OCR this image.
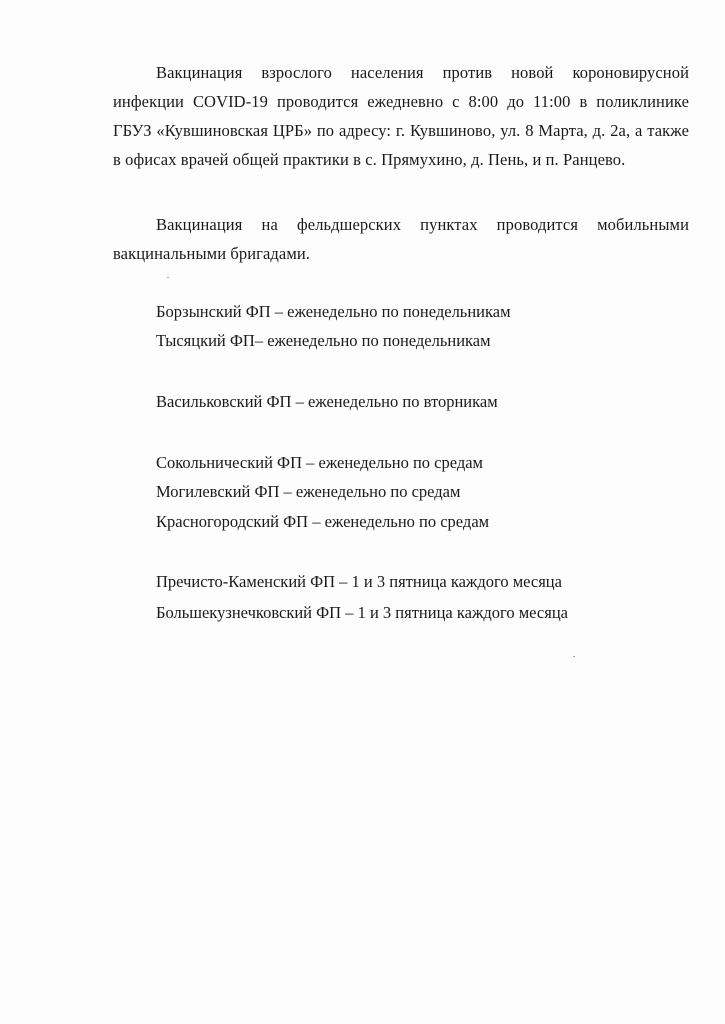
Вакцинация взрослого населения против новой короновирусной инфекции COVID-19 проводится ежедневно с 8:00 до 11:00 в поликлинике ГБУЗ «Кувшиновская ЦРБ» по адресу: г. Кувшиново, ул. 8 Марта, д. 2а, а также в офисах врачей общей практики в с. Прямухино, д. Пень, и п. Ранцево.

Вакцинация на фельдшерских пунктах проводится мобильными вакцинальными бригадами.

Борзынский ФП – еженедельно по понедельникам

Тысяцкий ФП– еженедельно по понедельникам

Васильковский ФП – еженедельно по вторникам

Сокольнический ФП – еженедельно по средам

Могилевский ФП – еженедельно по средам

Красногородский ФП – еженедельно по средам

Пречисто-Каменский ФП – 1 и 3 пятница каждого месяца

Большекузнечковский ФП – 1 и 3 пятница каждого месяца
